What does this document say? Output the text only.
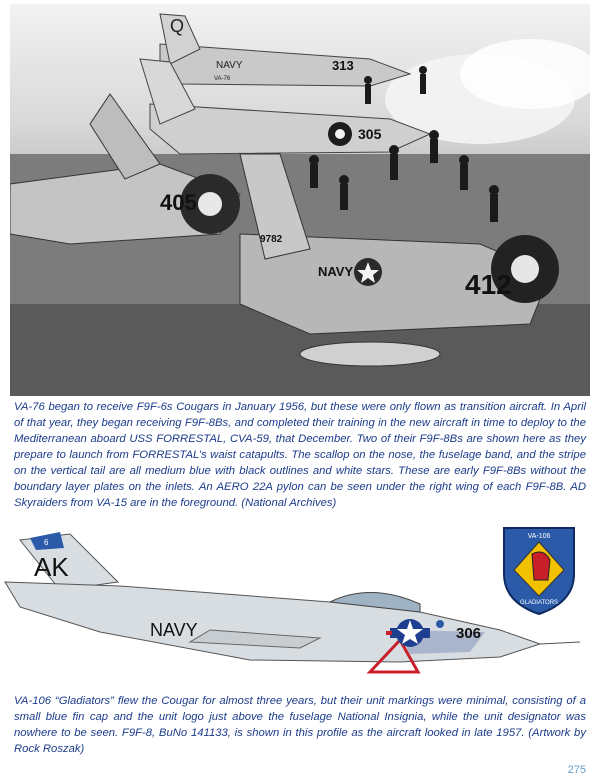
Q
313
NAVY
VA-76
305
405
9782
NAVY	412

VA-76 began to receive F9F-6s Cougars in January 1956, but these were only flown as transition aircraft. In April of that year, they began receiving F9F-8Bs, and completed their training in the new aircraft in time to deploy to the Mediterranean aboard USS FORRESTAL, CVA-59, that December. Two of their F9F-8Bs are shown here as they prepare to launch from FORRESTAL’s waist catapults. The scallop on the nose, the fuselage band, and the stripe on the vertical tail are all medium blue with black outlines and white stars. These are early F9F-8Bs without the boundary layer plates on the inlets. An AERO 22A pylon can be seen under the right wing of each F9F-8B. AD Skyraiders from VA-15 are in the foreground. (National Archives)

6
AK
NAVY	306
VA-106
GLADIATORS

VA-106 “Gladiators” flew the Cougar for almost three years, but their unit markings were minimal, consisting of a small blue fin cap and the unit logo just above the fuselage National Insignia, while the unit designator was nowhere to be seen. F9F-8, BuNo 141133, is shown in this profile as the aircraft looked in late 1957. (Artwork by Rock Roszak)

275
